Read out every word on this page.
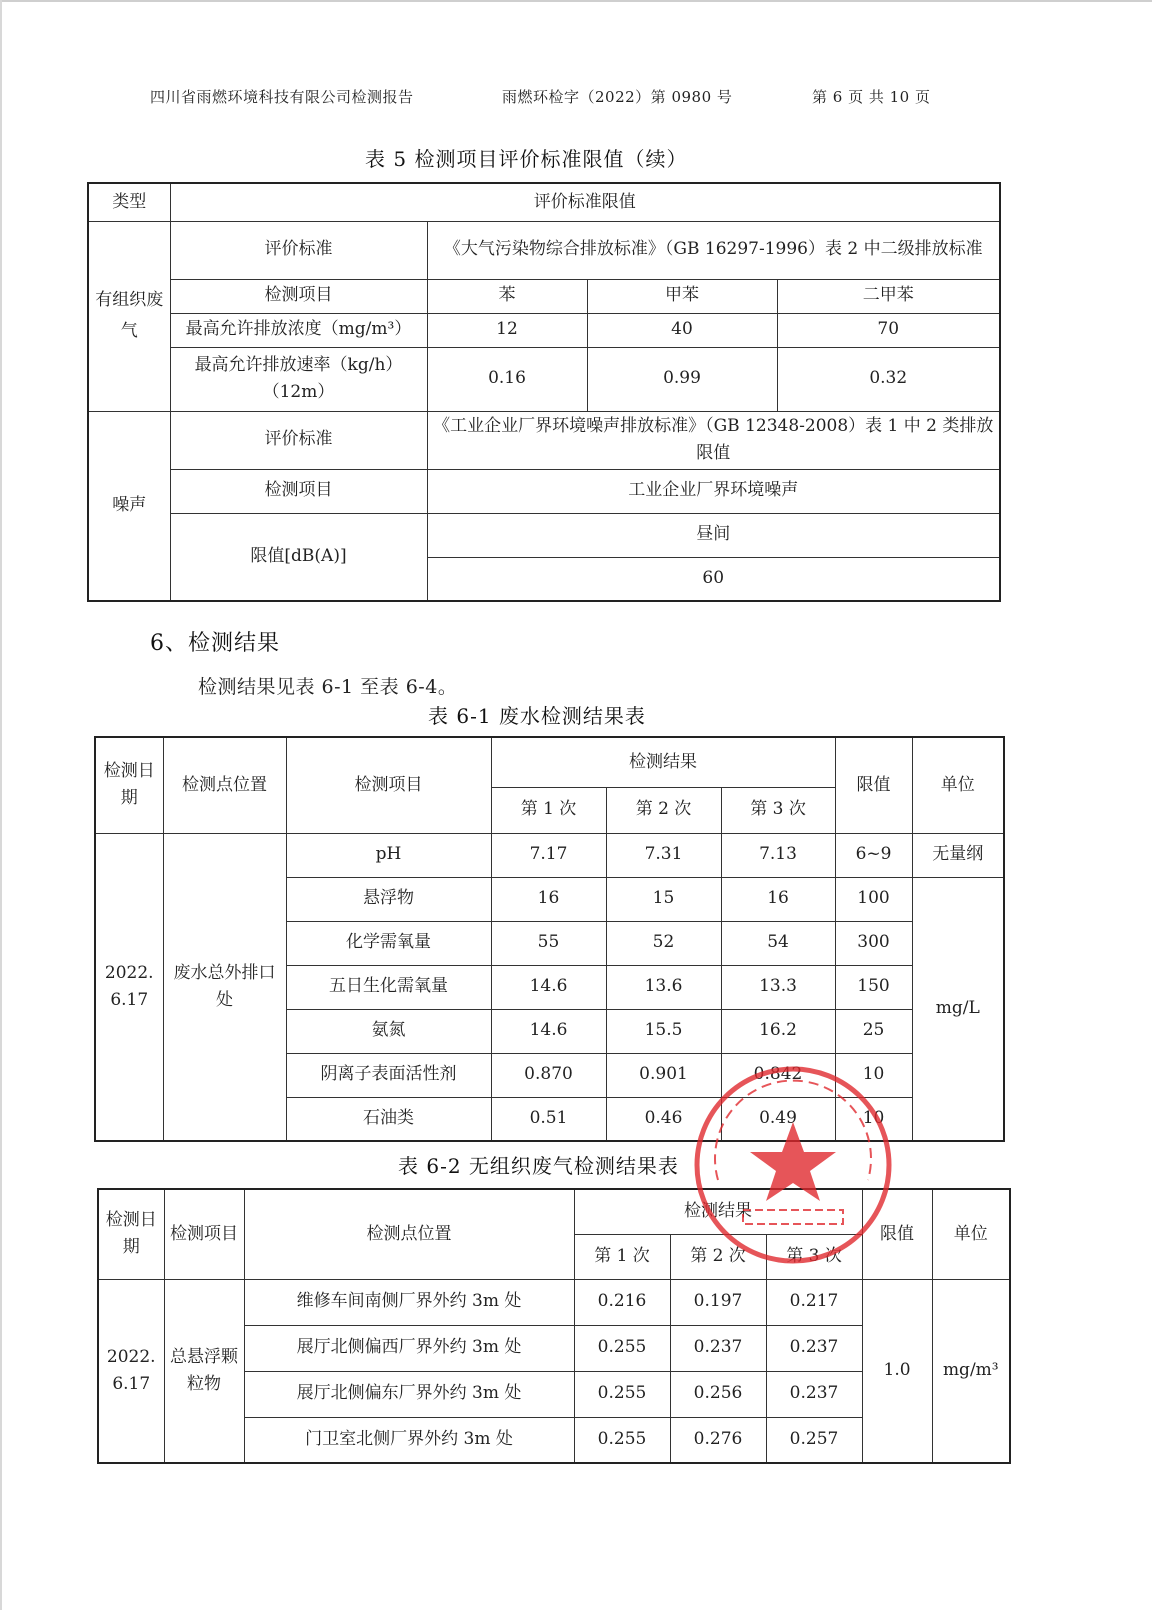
四川省雨燃环境科技有限公司检测报告	雨燃环检字（2022）第 0980 号	第 6 页 共 10 页
表 5 检测项目评价标准限值（续）
类型	评价标准限值			
有组织废气	评价标准	《大气污染物综合排放标准》（GB 16297-1996）表 2 中二级排放标准		
	检测项目	苯	甲苯	二甲苯
	最高允许排放浓度（mg/m³）	12	40	70
	最高允许排放速率（kg/h）（12m）	0.16	0.99	0.32
噪声	评价标准	《工业企业厂界环境噪声排放标准》（GB 12348-2008）表 1 中 2 类排放限值		
	检测项目	工业企业厂界环境噪声		
	限值[dB(A)]	昼间		
		60		
6、检测结果
检测结果见表 6-1 至表 6-4。
表 6-1 废水检测结果表
检测日期	检测点位置	检测项目	检测结果			限值	单位
			第 1 次	第 2 次	第 3 次		
2022. 6.17	废水总外排口处	pH	7.17	7.31	7.13	6~9	无量纲
		悬浮物	16	15	16	100	mg/L
		化学需氧量	55	52	54	300	
		五日生化需氧量	14.6	13.6	13.3	150	
		氨氮	14.6	15.5	16.2	25	
		阴离子表面活性剂	0.870	0.901	0.842	10	
		石油类	0.51	0.46	0.49	10	
表 6-2 无组织废气检测结果表
检测日期	检测项目	检测点位置	检测结果			限值	单位
			第 1 次	第 2 次	第 3 次		
2022. 6.17	总悬浮颗粒物	维修车间南侧厂界外约 3m 处	0.216	0.197	0.217	1.0	mg/m³
		展厅北侧偏西厂界外约 3m 处	0.255	0.237	0.237		
		展厅北侧偏东厂界外约 3m 处	0.255	0.256	0.237		
		门卫室北侧厂界外约 3m 处	0.255	0.276	0.257		
